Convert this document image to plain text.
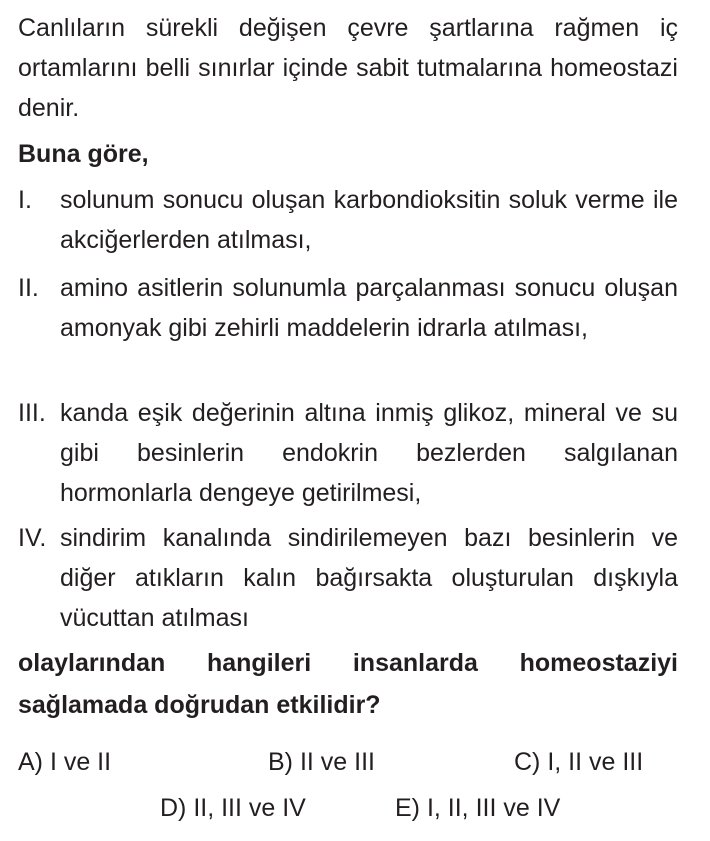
Canlıların sürekli değişen çevre şartlarına rağmen iç ortamlarını belli sınırlar içinde sabit tutmalarına homeostazi denir.
Buna göre,
I.	solunum sonucu oluşan karbondioksitin soluk verme ile akciğerlerden atılması,
II. amino asitlerin solunumla parçalanması sonucu oluşan amonyak gibi zehirli maddelerin idrarla atılması,
III. kanda eşik değerinin altına inmiş glikoz, mineral ve su gibi besinlerin endokrin bezlerden salgılanan hormonlarla dengeye getirilmesi,
IV. sindirim kanalında sindirilemeyen bazı besinlerin ve diğer atıkların kalın bağırsakta oluşturulan dışkıyla vücuttan atılması
olaylarından hangileri insanlarda homeostaziyi sağlamada doğrudan etkilidir?
A) I ve II	B) II ve III	C) I, II ve III
D) II, III ve IV	E) I, II, III ve IV
